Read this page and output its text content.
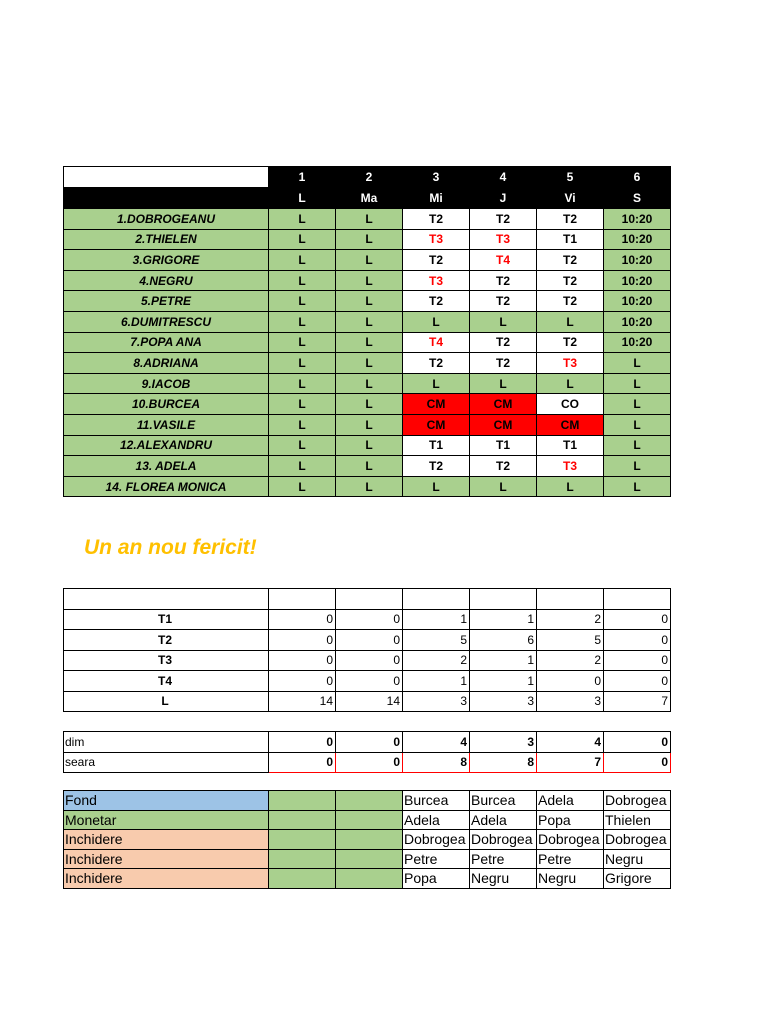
	1	2	3	4	5	6
	L	Ma	Mi	J	Vi	S
1.DOBROGEANU	L	L	T2	T2	T2	10:20
2.THIELEN	L	L	T3	T3	T1	10:20
3.GRIGORE	L	L	T2	T4	T2	10:20
4.NEGRU	L	L	T3	T2	T2	10:20
5.PETRE	L	L	T2	T2	T2	10:20
6.DUMITRESCU	L	L	L	L	L	10:20
7.POPA ANA	L	L	T4	T2	T2	10:20
8.ADRIANA	L	L	T2	T2	T3	L
9.IACOB	L	L	L	L	L	L
10.BURCEA	L	L	CM	CM	CO	L
11.VASILE	L	L	CM	CM	CM	L
12.ALEXANDRU	L	L	T1	T1	T1	L
13. ADELA	L	L	T2	T2	T3	L
14. FLOREA MONICA	L	L	L	L	L	L
Un an nou fericit!

T1	0	0	1	1	2	0
T2	0	0	5	6	5	0
T3	0	0	2	1	2	0
T4	0	0	1	1	0	0
L	14	14	3	3	3	7
dim	0	0	4	3	4	0
seara	0	0	8	8	7	0
Fond			Burcea	Burcea	Adela	Dobrogea
Monetar			Adela	Adela	Popa	Thielen
Inchidere			Dobrogea	Dobrogea	Dobrogea	Dobrogea
Inchidere			Petre	Petre	Petre	Negru
Inchidere			Popa	Negru	Negru	Grigore
